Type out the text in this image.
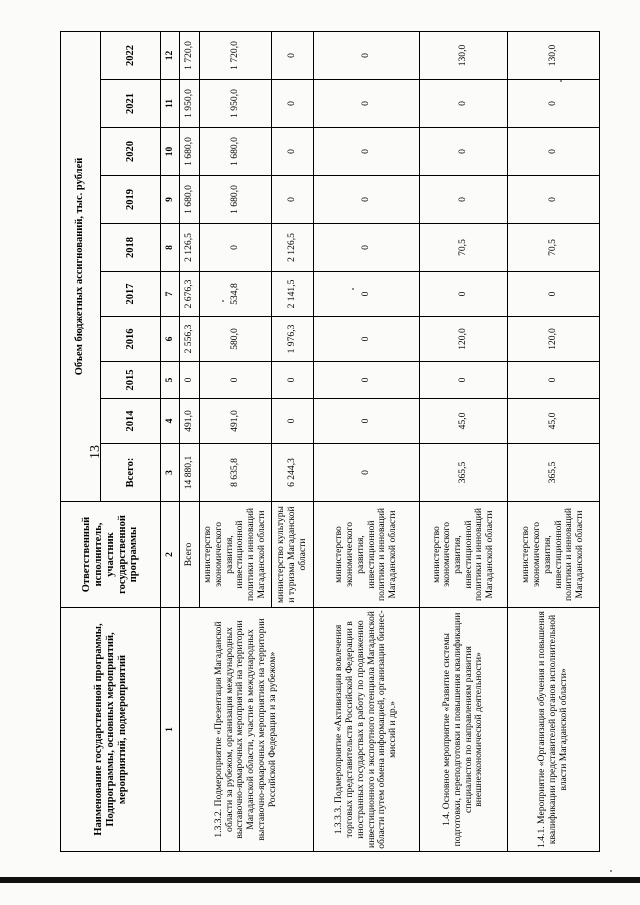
13
Наименование государственной программы, Подпрограммы, основных мероприятий, мероприятий, подмероприятий	Ответственный исполнитель, участник государственной программы	Объем бюджетных ассигнований, тыс. рублей									
		Всего:	2014	2015	2016	2017	2018	2019	2020	2021	2022
1	2	3	4	5	6	7	8	9	10	11	12
1.3.3.2. Подмероприятие «Презентация Магаданской области за рубежом, организация международных выставочно-ярмарочных мероприятий на территории Магаданской области, участие в международных выставочно-ярмарочных мероприятиях на территории Российской Федерации и за рубежом»	Всего	14 880,1	491,0	0	2 556,3	2 676,3	2 126,5	1 680,0	1 680,0	1 950,0	1 720,0
	министерство экономического развития, инвестиционной политики и инноваций Магаданской области	8 635,8	491,0	0	580,0	534,8	0	1 680,0	1 680,0	1 950,0	1 720,0
	министерство культуры и туризма Магаданской области	6 244,3	0	0	1 976,3	2 141,5	2 126,5	0	0	0	0
1.3.3.3. Подмероприятие «Активизация вовлечения торговых представительств Российской Федерации в иностранных государствах в работу по продвижению инвестиционного и экспортного потенциала Магаданской области путем обмена информацией, организации бизнес-миссий и др.»	министерство экономического развития, инвестиционной политики и инноваций Магаданской области	0	0	0	0	0	0	0	0	0	0
1.4. Основное мероприятие «Развитие системы подготовки, переподготовки и повышения квалификации специалистов по направлениям развития внешнеэкономической деятельности»	министерство экономического развития, инвестиционной политики и инноваций Магаданской области	365,5	45,0	0	120,0	0	70,5	0	0	0	130,0
1.4.1. Мероприятие «Организация обучения и повышения квалификации представителей органов исполнительной власти Магаданской области»	министерство экономического развития, инвестиционной политики и инноваций Магаданской области	365,5	45,0	0	120,0	0	70,5	0	0	0	130,0
